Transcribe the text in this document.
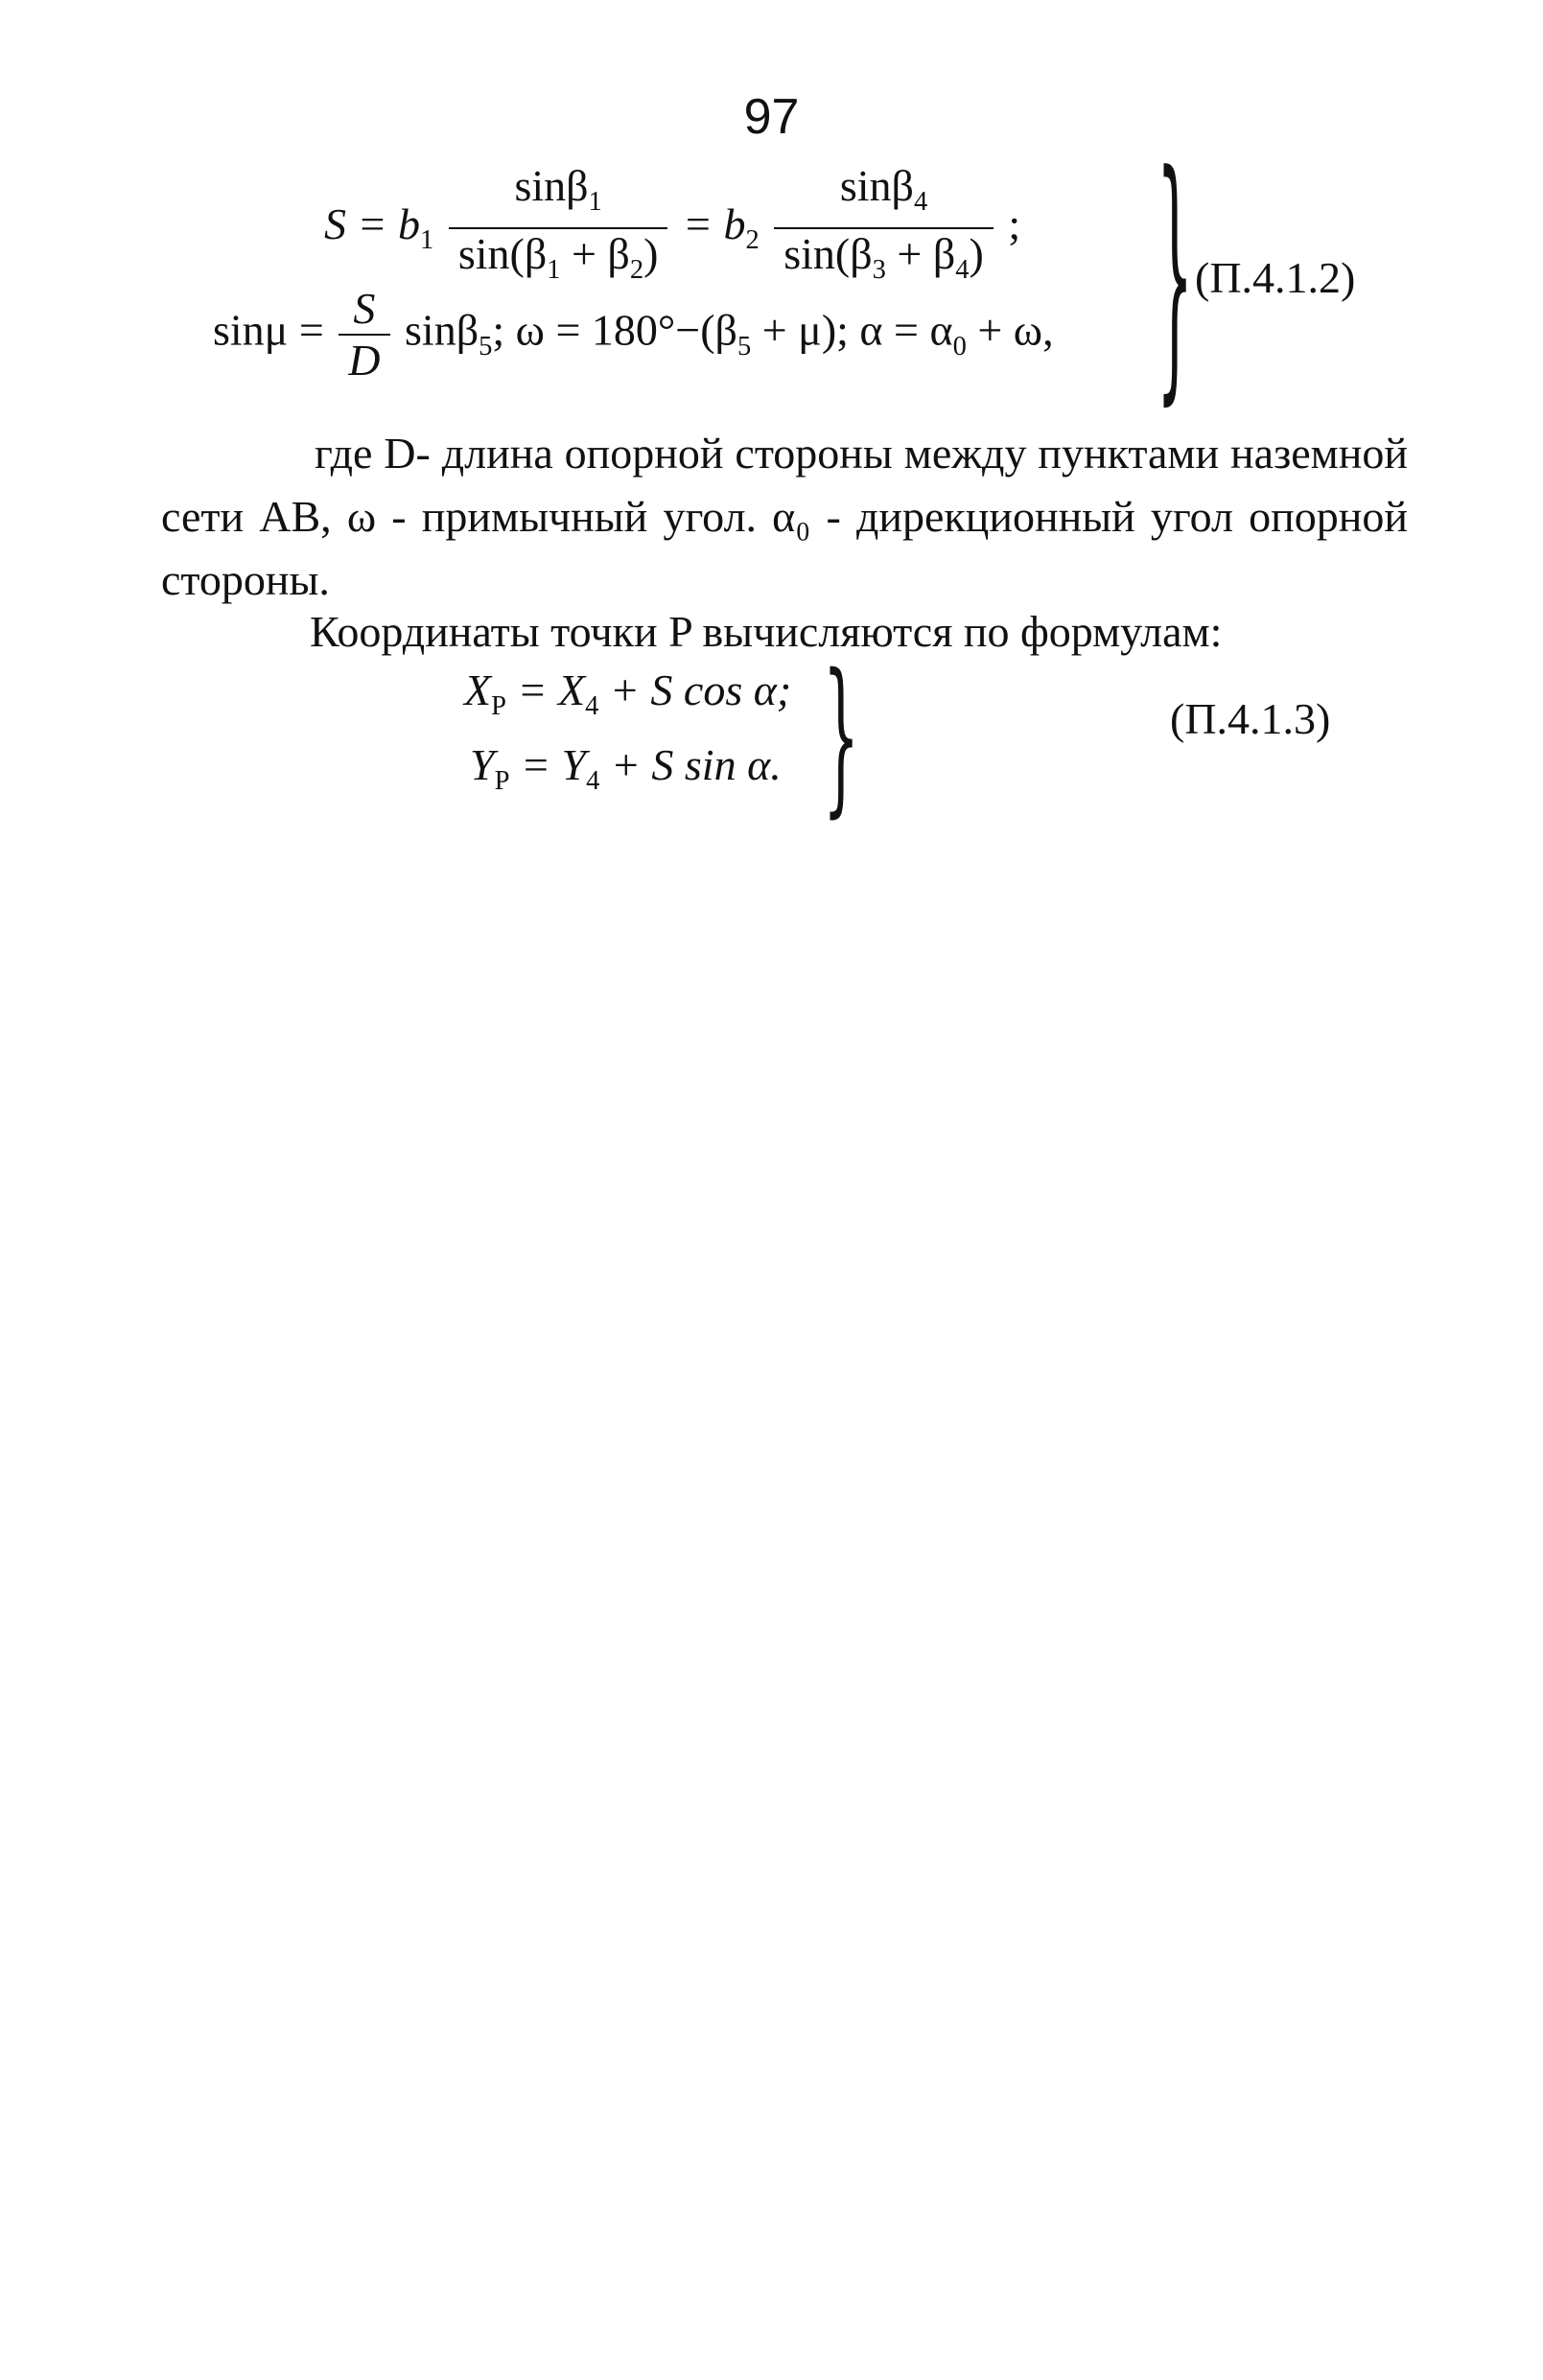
97
$S = b_1 \frac{\sin\beta_1}{\sin(\beta_1 + \beta_2)} = b_2 \frac{\sin\beta_4}{\sin(\beta_3 + \beta_4)}$ ;
$\sin\mu = \frac{S}{D} \sin\beta_5$; $\omega = 180^\circ-(\beta_5 + \mu)$; $\alpha = \alpha_0 + \omega$, } (П.4.1.2)
где D- длина опорной стороны между пунктами наземной сети АВ, ω - примычный угол. α₀ - дирекционный угол опорной стороны.
Координаты точки P вычисляются по формулам:
$X_P = X_4 + S$ cos α;
$Y_P = Y_4 + S$ sin α. }	(П.4.1.3)
